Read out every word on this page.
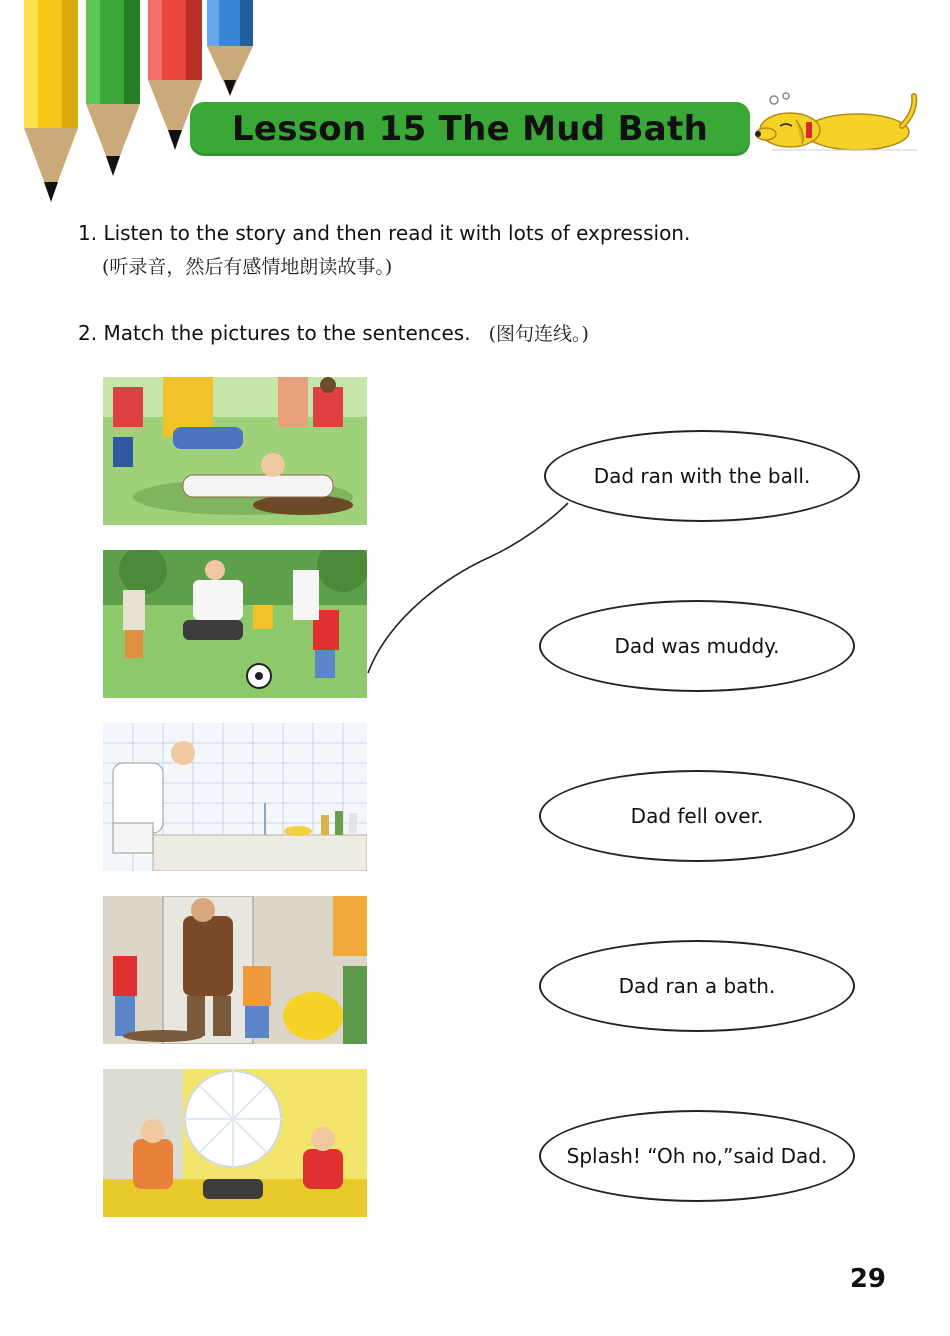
Lesson 15 The Mud Bath
1. Listen to the story and then read it with lots of expression.
(听录音，然后有感情地朗读故事。)
2. Match the pictures to the sentences. (图句连线。)
Dad ran with the ball.
Dad was muddy.
Dad fell over.
Dad ran a bath.
Splash! “Oh no,”said Dad.
29
